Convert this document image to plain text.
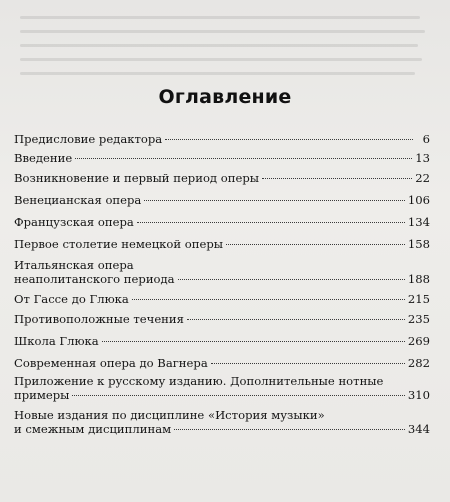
Оглавление
Предисловие редактора	6
Введение	13
Возникновение и первый период оперы	22
Венецианская опера	106
Французская опера	134
Первое столетие немецкой оперы	158
Итальянская опера
неаполитанского периода	188
От Гассе до Глюка	215
Противоположные течения	235
Школа Глюка	269
Современная опера до Вагнера	282
Приложение к русскому изданию. Дополнительные нотные
примеры	310
Новые издания по дисциплине «История музыки»
и смежным дисциплинам	344
